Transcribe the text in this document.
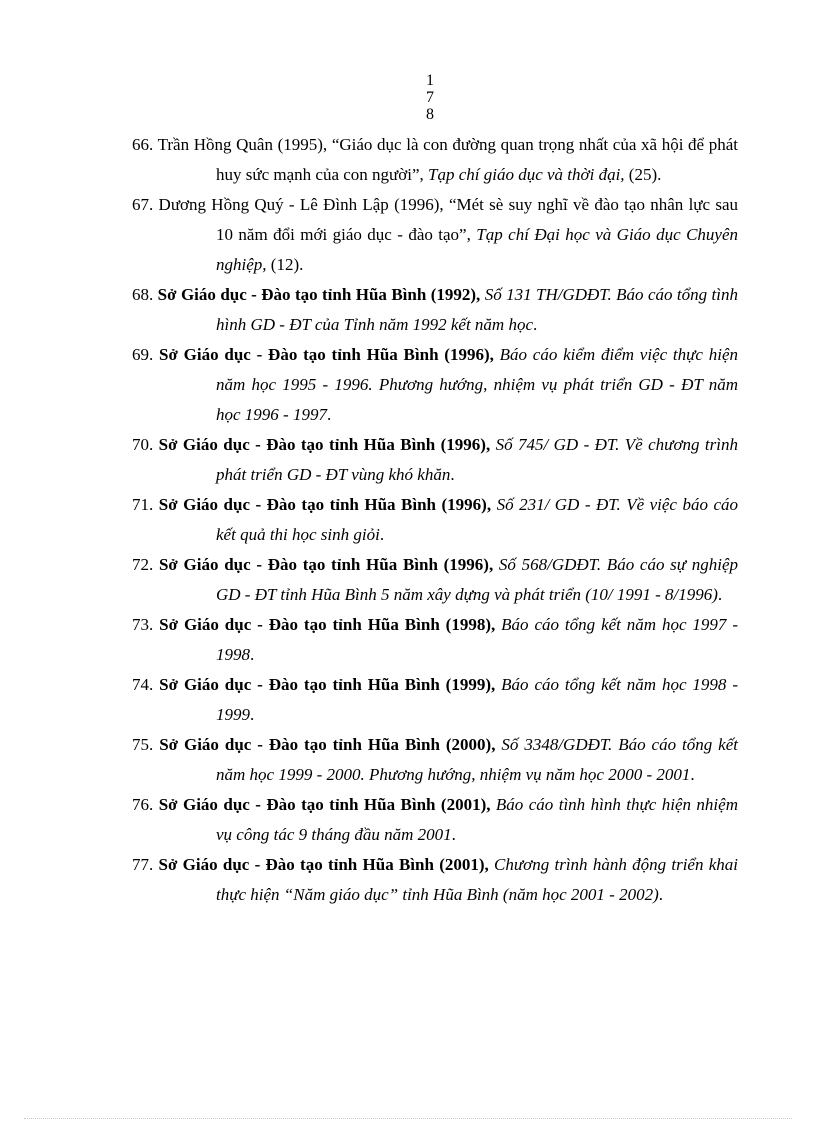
1
7
8

66. Trần Hồng Quân (1995), “Giáo dục là con đường quan trọng nhất của xã hội để phát huy sức mạnh của con người”, Tạp chí giáo dục và thời đại, (25).

67. Dương Hồng Quý - Lê Đình Lập (1996), “Mét sè suy nghĩ về đào tạo nhân lực sau 10 năm đổi mới giáo dục - đào tạo”, Tạp chí Đại học và Giáo dục Chuyên nghiệp, (12).

68. Sở Giáo dục - Đào tạo tỉnh Hũa Bình (1992), Số 131 TH/GDĐT. Báo cáo tổng tình hình GD - ĐT của Tỉnh năm 1992 kết năm học.

69. Sở Giáo dục - Đào tạo tỉnh Hũa Bình (1996), Báo cáo kiểm điểm việc thực hiện năm học 1995 - 1996. Phương hướng, nhiệm vụ phát triển GD - ĐT năm học 1996 - 1997.

70. Sở Giáo dục - Đào tạo tỉnh Hũa Bình (1996), Số 745/ GD - ĐT. Về chương trình phát triển GD - ĐT vùng khó khăn.

71. Sở Giáo dục - Đào tạo tỉnh Hũa Bình (1996), Số 231/ GD - ĐT. Về việc báo cáo kết quả thi học sinh giỏi.

72. Sở Giáo dục - Đào tạo tỉnh Hũa Bình (1996), Số 568/GDĐT. Báo cáo sự nghiệp GD - ĐT tỉnh Hũa Bình 5 năm xây dựng và phát triển (10/ 1991 - 8/1996).

73. Sở Giáo dục - Đào tạo tỉnh Hũa Bình (1998), Báo cáo tổng kết năm học 1997 - 1998.

74. Sở Giáo dục - Đào tạo tỉnh Hũa Bình (1999), Báo cáo tổng kết năm học 1998 - 1999.

75. Sở Giáo dục - Đào tạo tỉnh Hũa Bình (2000), Số 3348/GDĐT. Báo cáo tổng kết năm học 1999 - 2000. Phương hướng, nhiệm vụ năm học 2000 - 2001.

76. Sở Giáo dục - Đào tạo tỉnh Hũa Bình (2001), Báo cáo tình hình thực hiện nhiệm vụ công tác 9 tháng đầu năm 2001.

77. Sở Giáo dục - Đào tạo tỉnh Hũa Bình (2001), Chương trình hành động triển khai thực hiện “Năm giáo dục” tỉnh Hũa Bình (năm học 2001 - 2002).
